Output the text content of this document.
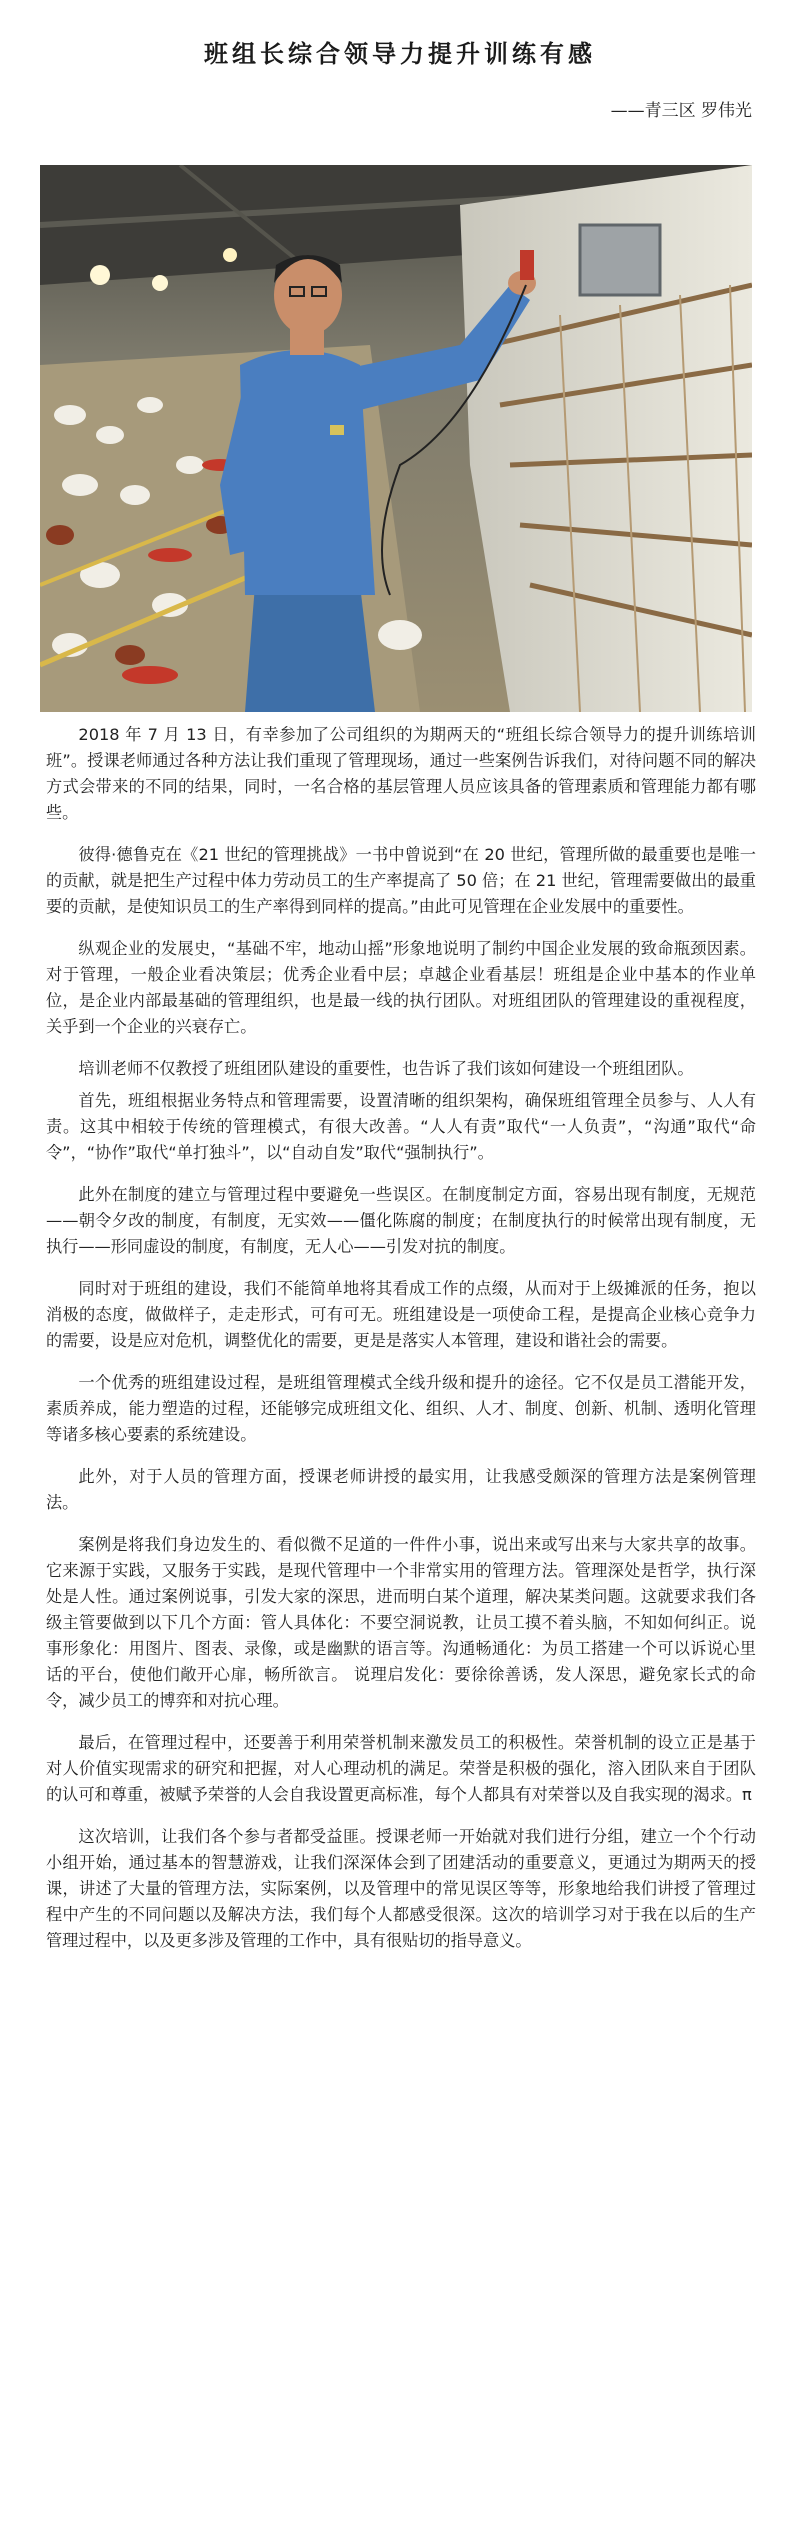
班组长综合领导力提升训练有感
——青三区 罗伟光

2018 年 7 月 13 日，有幸参加了公司组织的为期两天的“班组长综合领导力的提升训练培训班”。授课老师通过各种方法让我们重现了管理现场，通过一些案例告诉我们，对待问题不同的解决方式会带来的不同的结果，同时，一名合格的基层管理人员应该具备的管理素质和管理能力都有哪些。

彼得·德鲁克在《21 世纪的管理挑战》一书中曾说到“在 20 世纪，管理所做的最重要也是唯一的贡献，就是把生产过程中体力劳动员工的生产率提高了 50 倍；在 21 世纪，管理需要做出的最重要的贡献，是使知识员工的生产率得到同样的提高。”由此可见管理在企业发展中的重要性。

纵观企业的发展史，“基础不牢，地动山摇”形象地说明了制约中国企业发展的致命瓶颈因素。对于管理，一般企业看决策层；优秀企业看中层；卓越企业看基层！班组是企业中基本的作业单位，是企业内部最基础的管理组织，也是最一线的执行团队。对班组团队的管理建设的重视程度，关乎到一个企业的兴衰存亡。

培训老师不仅教授了班组团队建设的重要性，也告诉了我们该如何建设一个班组团队。

首先，班组根据业务特点和管理需要，设置清晰的组织架构，确保班组管理全员参与、人人有责。这其中相较于传统的管理模式，有很大改善。“人人有责”取代“一人负责”，“沟通”取代“命令”，“协作”取代“单打独斗”，以“自动自发”取代“强制执行”。

此外在制度的建立与管理过程中要避免一些误区。在制度制定方面，容易出现有制度，无规范——朝令夕改的制度，有制度，无实效——僵化陈腐的制度；在制度执行的时候常出现有制度，无执行——形同虚设的制度，有制度，无人心——引发对抗的制度。

同时对于班组的建设，我们不能简单地将其看成工作的点缀，从而对于上级摊派的任务，抱以消极的态度，做做样子，走走形式，可有可无。班组建设是一项使命工程，是提高企业核心竞争力的需要，设是应对危机，调整优化的需要，更是是落实人本管理，建设和谐社会的需要。

一个优秀的班组建设过程，是班组管理模式全线升级和提升的途径。它不仅是员工潜能开发，素质养成，能力塑造的过程，还能够完成班组文化、组织、人才、制度、创新、机制、透明化管理等诸多核心要素的系统建设。

此外，对于人员的管理方面，授课老师讲授的最实用，让我感受颇深的管理方法是案例管理法。

案例是将我们身边发生的、看似微不足道的一件件小事，说出来或写出来与大家共享的故事。它来源于实践，又服务于实践，是现代管理中一个非常实用的管理方法。管理深处是哲学，执行深处是人性。通过案例说事，引发大家的深思，进而明白某个道理，解决某类问题。这就要求我们各级主管要做到以下几个方面：管人具体化：不要空洞说教，让员工摸不着头脑，不知如何纠正。说事形象化：用图片、图表、录像，或是幽默的语言等。沟通畅通化：为员工搭建一个可以诉说心里话的平台，使他们敞开心扉，畅所欲言。 说理启发化：要徐徐善诱，发人深思，避免家长式的命令，减少员工的博弈和对抗心理。

最后，在管理过程中，还要善于利用荣誉机制来激发员工的积极性。荣誉机制的设立正是基于对人价值实现需求的研究和把握，对人心理动机的满足。荣誉是积极的强化，溶入团队来自于团队的认可和尊重，被赋予荣誉的人会自我设置更高标准，每个人都具有对荣誉以及自我实现的渴求。π

这次培训，让我们各个参与者都受益匪。授课老师一开始就对我们进行分组，建立一个个行动小组开始，通过基本的智慧游戏，让我们深深体会到了团建活动的重要意义，更通过为期两天的授课，讲述了大量的管理方法，实际案例，以及管理中的常见误区等等，形象地给我们讲授了管理过程中产生的不同问题以及解决方法，我们每个人都感受很深。这次的培训学习对于我在以后的生产管理过程中，以及更多涉及管理的工作中，具有很贴切的指导意义。
